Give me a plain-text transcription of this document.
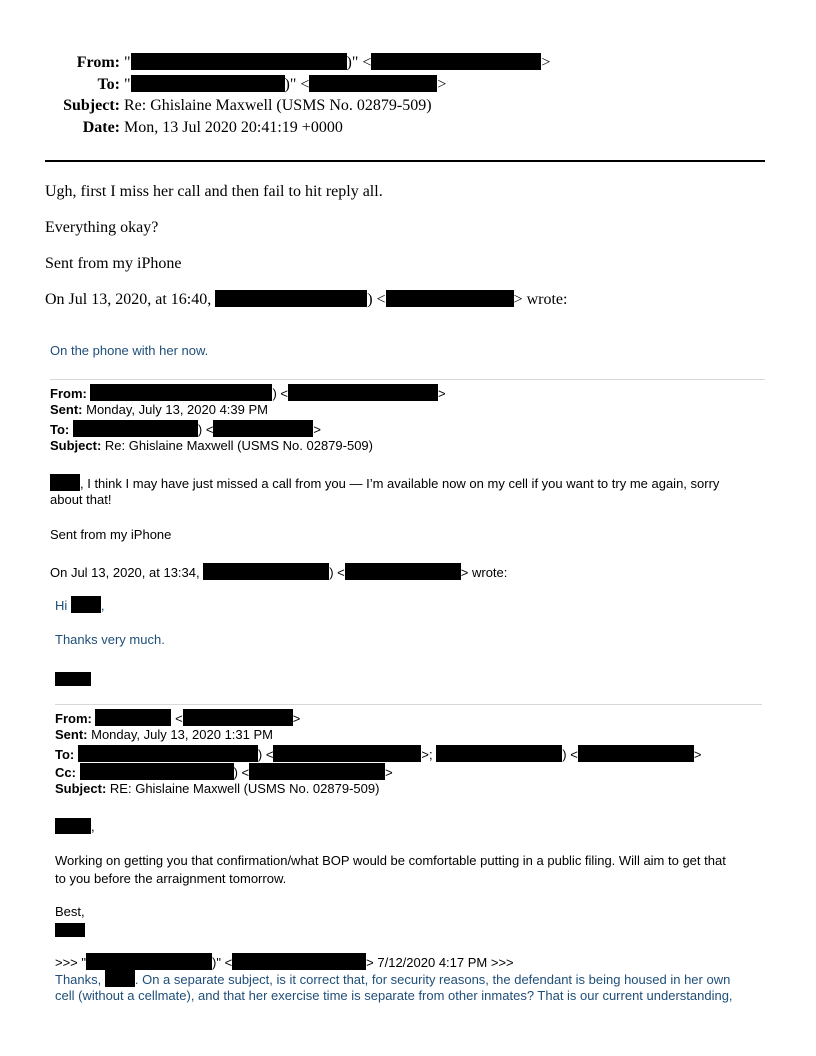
From: "	)" <	>
To: "	)" <	>
Subject: Re: Ghislaine Maxwell (USMS No. 02879-509)
Date: Mon, 13 Jul 2020 20:41:19 +0000
Ugh, first I miss her call and then fail to hit reply all.
Everything okay?
Sent from my iPhone
On Jul 13, 2020, at 16:40,	) <	> wrote:
On the phone with her now.
From:	) <	>
Sent: Monday, July 13, 2020 4:39 PM
To:	) <	>
Subject: Re: Ghislaine Maxwell (USMS No. 02879-509)
, I think I may have just missed a call from you — I’m available now on my cell if you want to try me again, sorry
about that!
Sent from my iPhone
On Jul 13, 2020, at 13:34,	) <	> wrote:
Hi	,
Thanks very much.
From:	<	>
Sent: Monday, July 13, 2020 1:31 PM
To:	) <	>;	) <	>
Cc:	) <	>
Subject: RE: Ghislaine Maxwell (USMS No. 02879-509)
,
Working on getting you that confirmation/what BOP would be comfortable putting in a public filing. Will aim to get that
to you before the arraignment tomorrow.
Best,
>>> "	)" <	> 7/12/2020 4:17 PM >>>
Thanks,	. On a separate subject, is it correct that, for security reasons, the defendant is being housed in her own
cell (without a cellmate), and that her exercise time is separate from other inmates? That is our current understanding,
